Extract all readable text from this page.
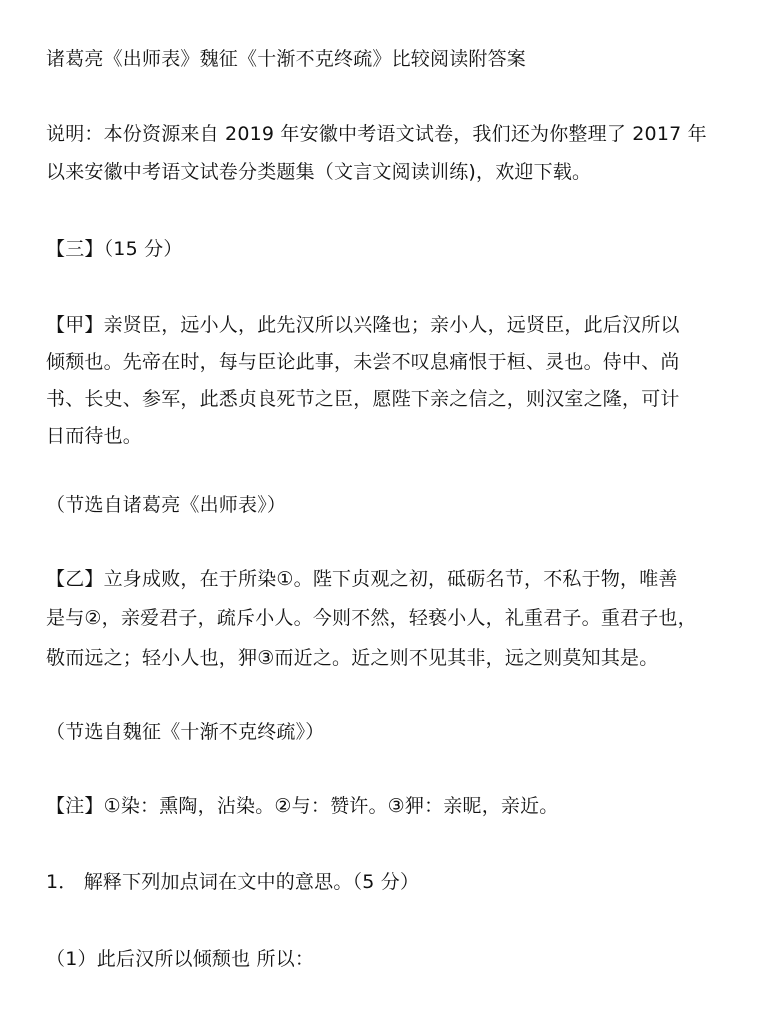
诸葛亮《出师表》魏征《十渐不克终疏》比较阅读附答案
说明：本份资源来自 2019 年安徽中考语文试卷，我们还为你整理了 2017 年
以来安徽中考语文试卷分类题集（文言文阅读训练)，欢迎下载。
【三】（15 分）
【甲】亲贤臣，远小人，此先汉所以兴隆也；亲小人，远贤臣，此后汉所以
倾颓也。先帝在时，每与臣论此事，未尝不叹息痛恨于桓、灵也。侍中、尚
书、长史、参军，此悉贞良死节之臣，愿陛下亲之信之，则汉室之隆，可计
日而待也。
（节选自诸葛亮《出师表》）
【乙】立身成败，在于所染①。陛下贞观之初，砥砺名节，不私于物，唯善
是与②，亲爱君子，疏斥小人。今则不然，轻亵小人，礼重君子。重君子也，
敬而远之；轻小人也，狎③而近之。近之则不见其非，远之则莫知其是。
（节选自魏征《十渐不克终疏》）
【注】①染：熏陶，沾染。②与：赞许。③狎：亲昵，亲近。
1． 解释下列加点词在文中的意思。（5 分）
（1）此后汉所以倾颓也 所以：
